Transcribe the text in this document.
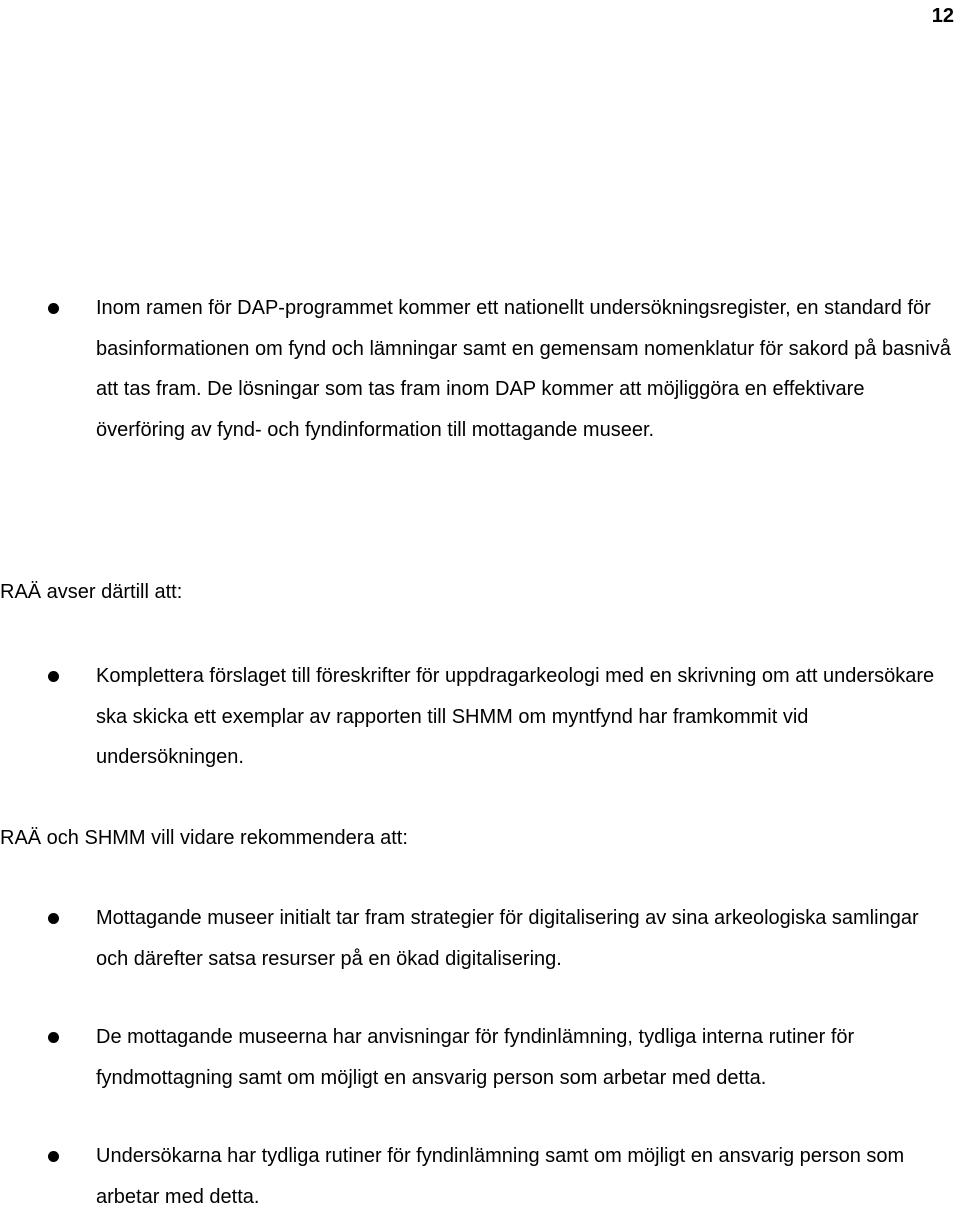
12
Inom ramen för DAP-programmet kommer ett nationellt undersökningsregister, en standard för basinformationen om fynd och lämningar samt en gemensam nomenklatur för sakord på basnivå att tas fram. De lösningar som tas fram inom DAP kommer att möjliggöra en effektivare överföring av fynd- och fyndinformation till mottagande museer.

RAÄ avser därtill att:

Komplettera förslaget till föreskrifter för uppdragarkeologi med en skrivning om att undersökare ska skicka ett exemplar av rapporten till SHMM om myntfynd har framkommit vid undersökningen.

RAÄ och SHMM vill vidare rekommendera att:

Mottagande museer initialt tar fram strategier för digitalisering av sina arkeologiska samlingar och därefter satsa resurser på en ökad digitalisering.
De mottagande museerna har anvisningar för fyndinlämning, tydliga interna rutiner för fyndmottagning samt om möjligt en ansvarig person som arbetar med detta.
Undersökarna har tydliga rutiner för fyndinlämning samt om möjligt en ansvarig person som arbetar med detta.
